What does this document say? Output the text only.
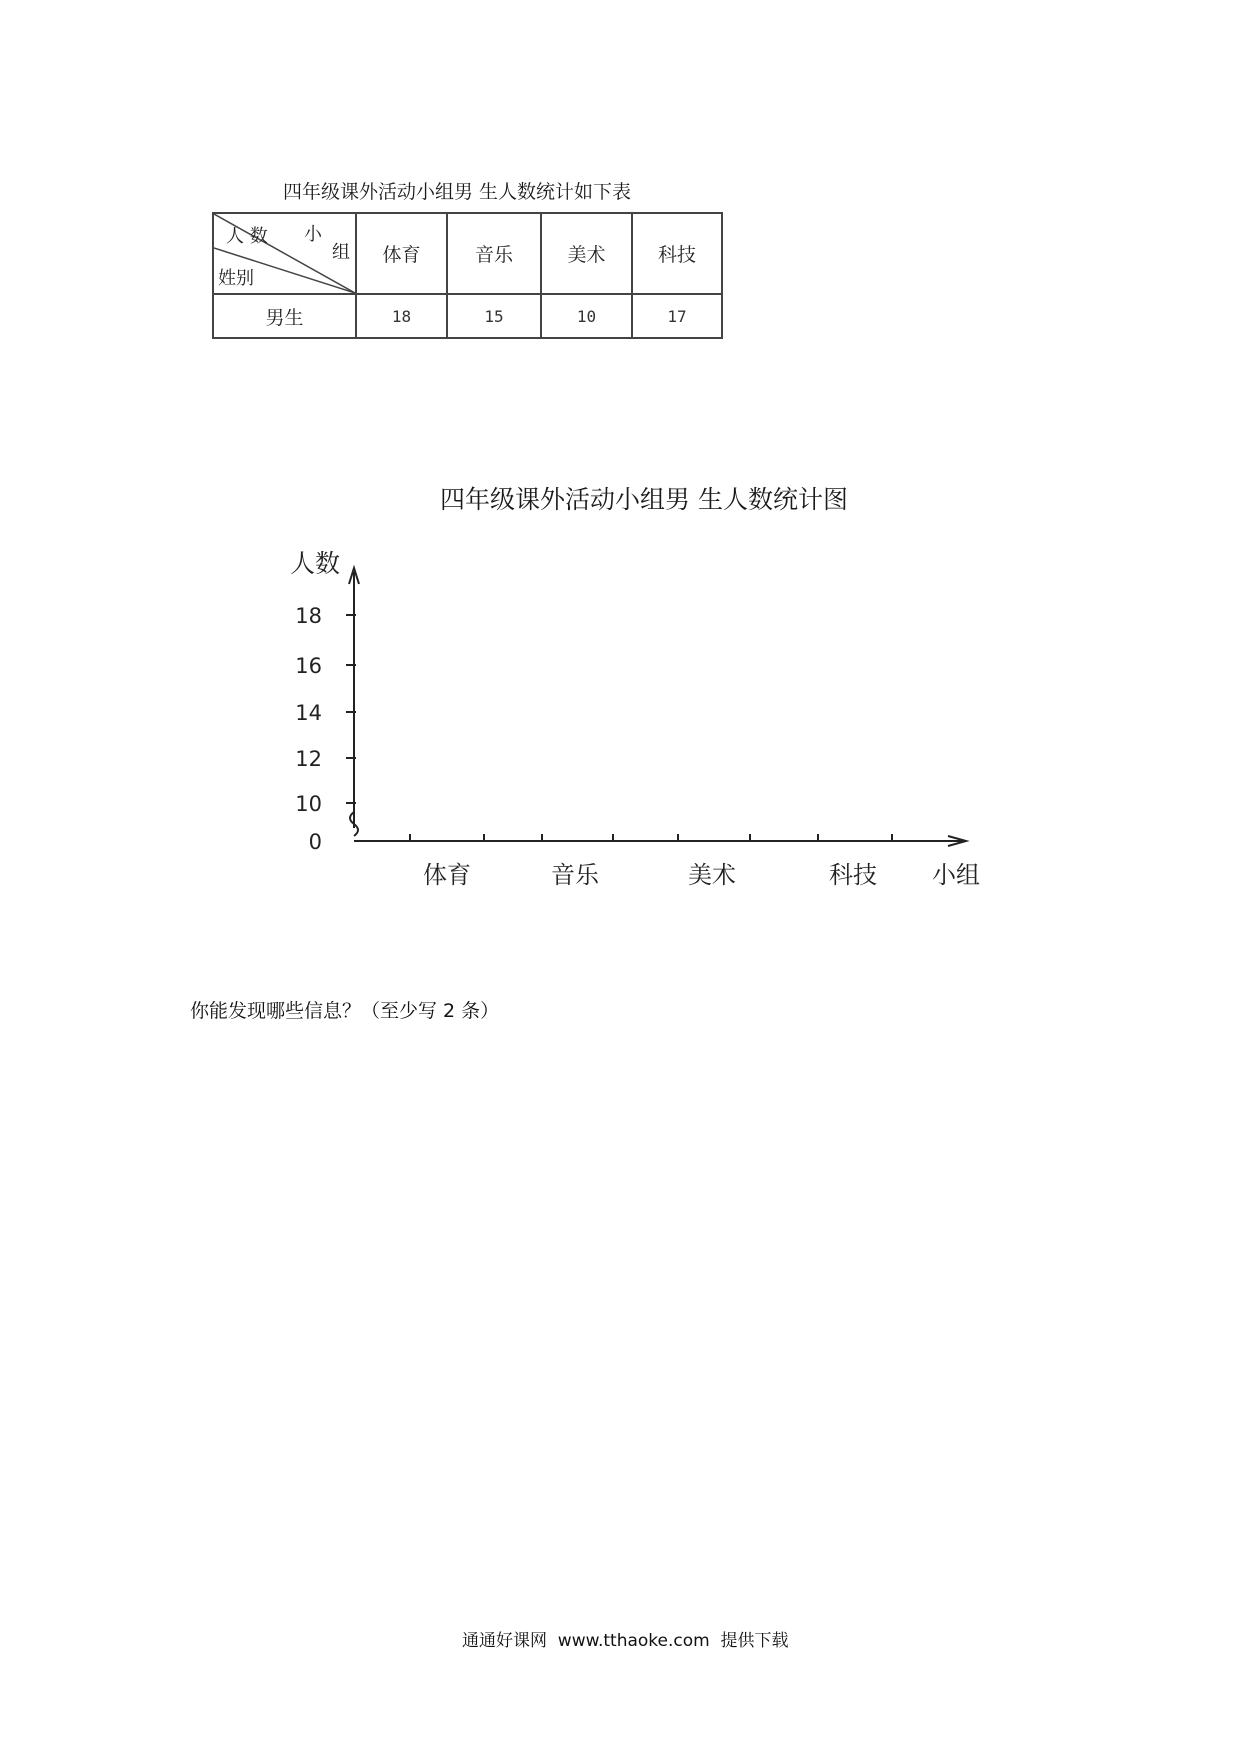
四年级课外活动小组男 生人数统计如下表
人 数 小
组
姓别	体育	音乐	美术	科技
男生	18	15	10	17
四年级课外活动小组男 生人数统计图
0
10
12
14
16
18
人数
小组
体育	音乐	美术	科技
你能发现哪些信息？（至少写 2 条）
通通好课网  www.tthaoke.com  提供下载
